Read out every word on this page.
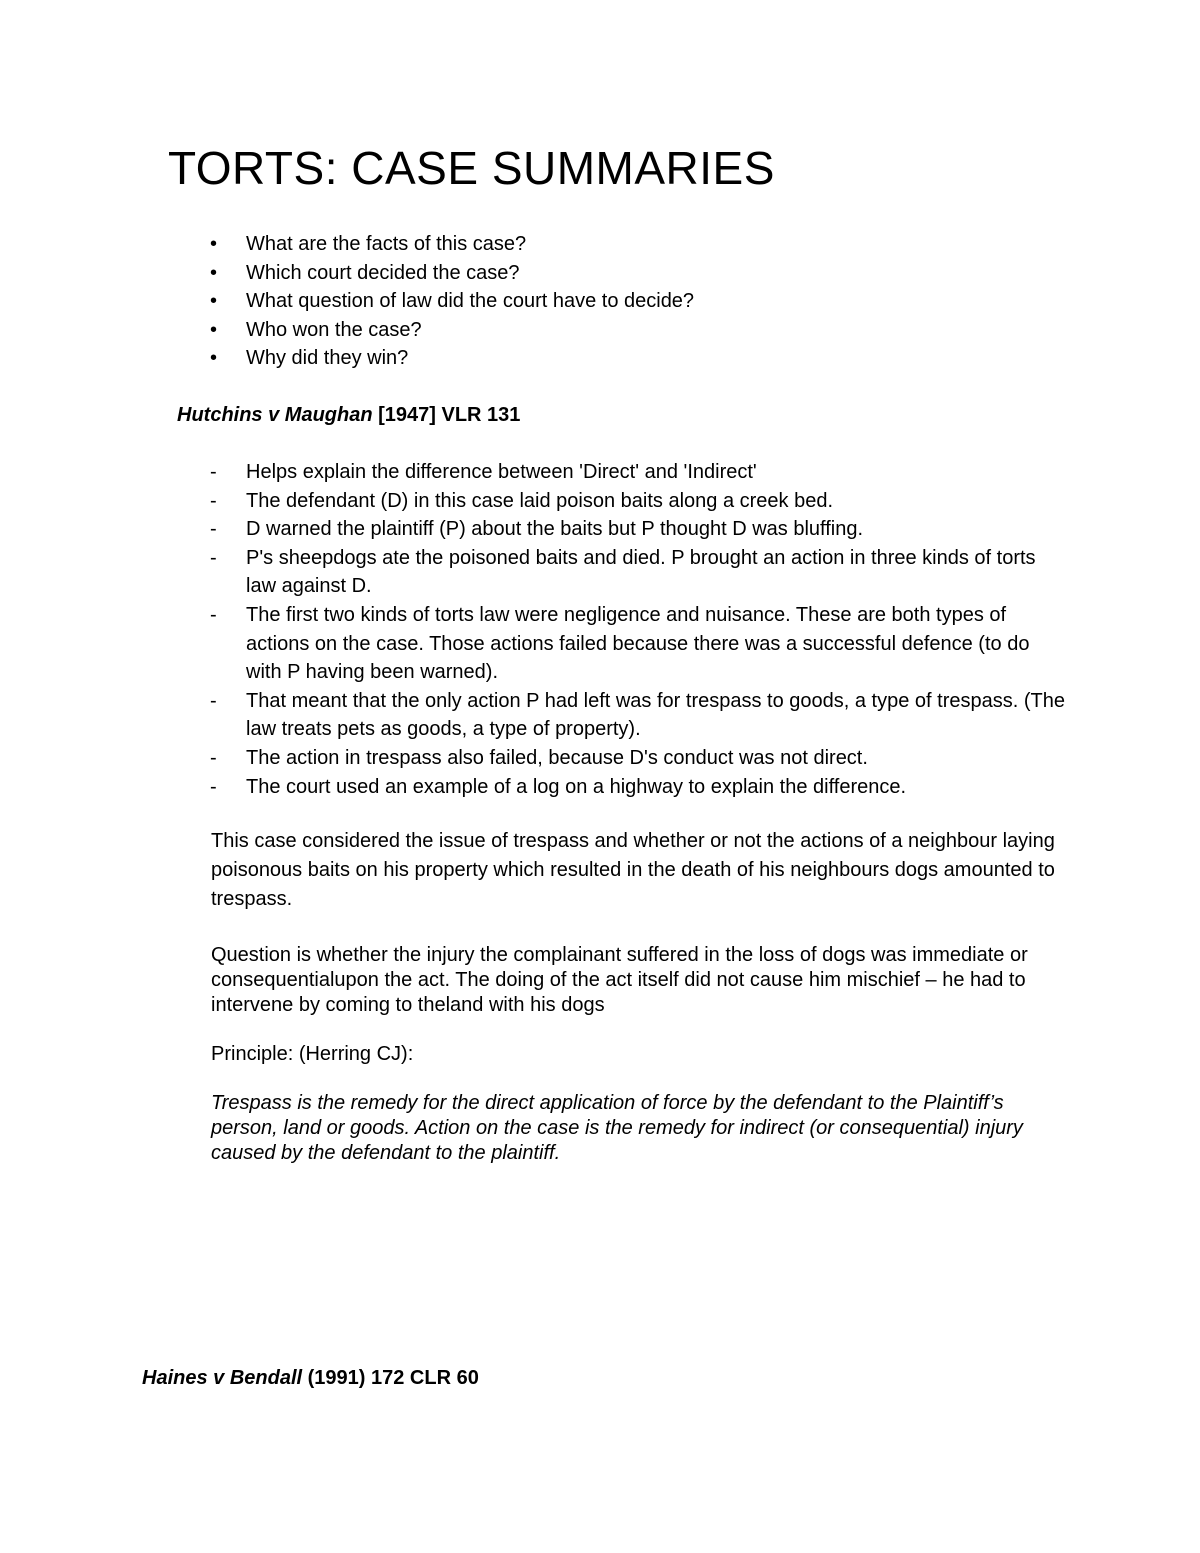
TORTS: CASE SUMMARIES
• What are the facts of this case?
• Which court decided the case?
• What question of law did the court have to decide?
• Who won the case?
• Why did they win?
Hutchins v Maughan [1947] VLR 131
- Helps explain the difference between 'Direct' and 'Indirect'
- The defendant (D) in this case laid poison baits along a creek bed.
- D warned the plaintiff (P) about the baits but P thought D was bluffing.
- P's sheepdogs ate the poisoned baits and died. P brought an action in three kinds of torts law against D.
- The first two kinds of torts law were negligence and nuisance. These are both types of actions on the case. Those actions failed because there was a successful defence (to do with P having been warned).
- That meant that the only action P had left was for trespass to goods, a type of trespass. (The law treats pets as goods, a type of property).
- The action in trespass also failed, because D's conduct was not direct.
- The court used an example of a log on a highway to explain the difference.

This case considered the issue of trespass and whether or not the actions of a neighbour laying poisonous baits on his property which resulted in the death of his neighbours dogs amounted to trespass.

Question is whether the injury the complainant suffered in the loss of dogs was immediate or consequentialupon the act. The doing of the act itself did not cause him mischief – he had to intervene by coming to theland with his dogs

Principle: (Herring CJ):

Trespass is the remedy for the direct application of force by the defendant to the Plaintiff’s person, land or goods. Action on the case is the remedy for indirect (or consequential) injury caused by the defendant to the plaintiff.

Haines v Bendall (1991) 172 CLR 60
